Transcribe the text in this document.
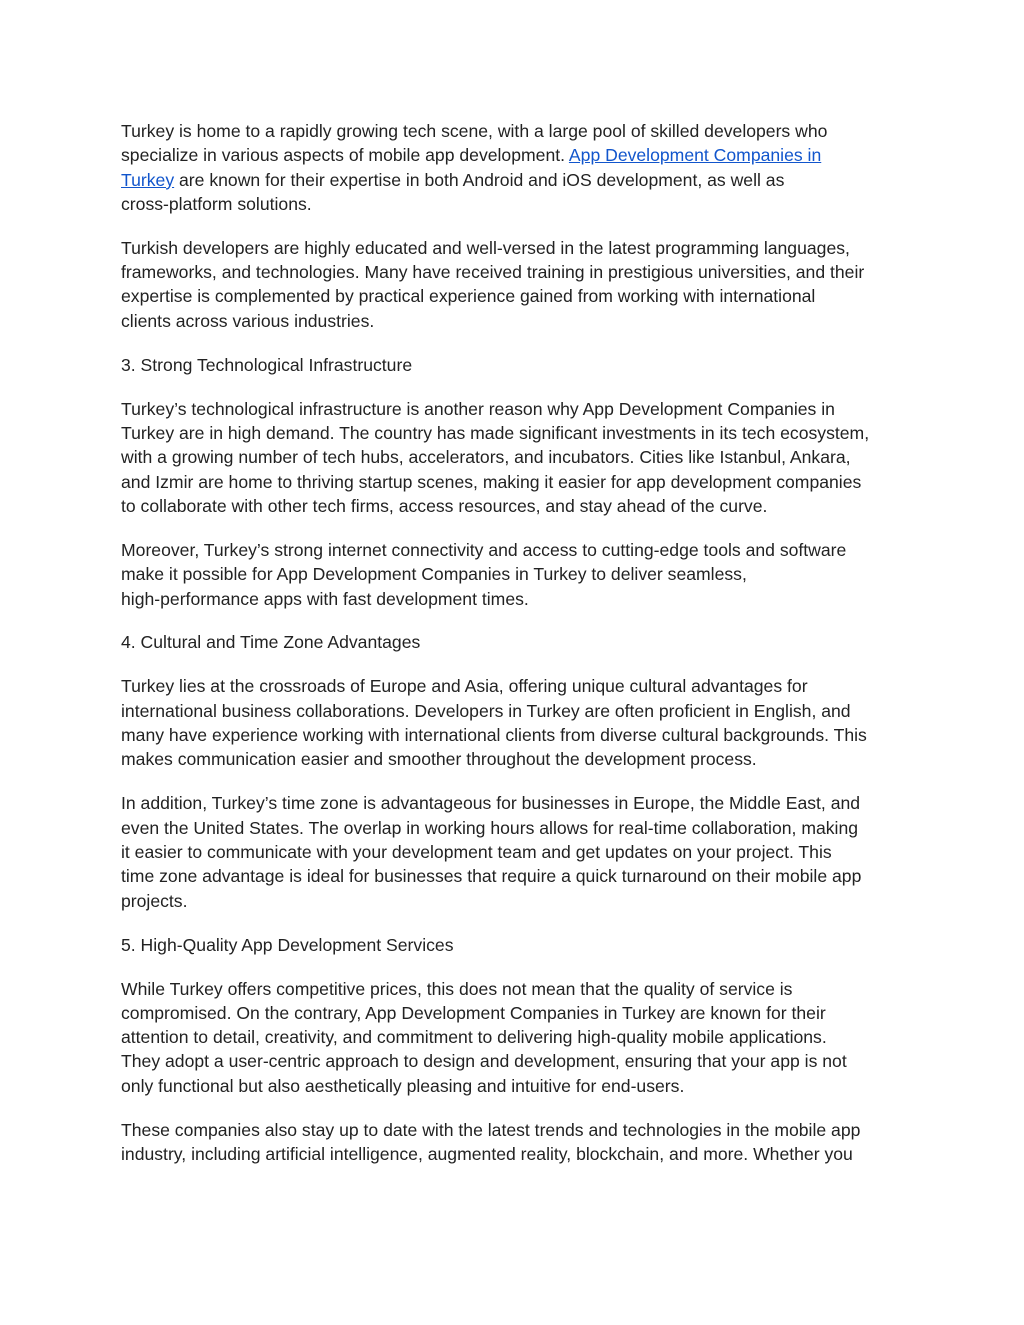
Turkey is home to a rapidly growing tech scene, with a large pool of skilled developers who
specialize in various aspects of mobile app development. App Development Companies in
Turkey are known for their expertise in both Android and iOS development, as well as
cross-platform solutions.

Turkish developers are highly educated and well-versed in the latest programming languages,
frameworks, and technologies. Many have received training in prestigious universities, and their
expertise is complemented by practical experience gained from working with international
clients across various industries.

3. Strong Technological Infrastructure

Turkey’s technological infrastructure is another reason why App Development Companies in
Turkey are in high demand. The country has made significant investments in its tech ecosystem,
with a growing number of tech hubs, accelerators, and incubators. Cities like Istanbul, Ankara,
and Izmir are home to thriving startup scenes, making it easier for app development companies
to collaborate with other tech firms, access resources, and stay ahead of the curve.

Moreover, Turkey’s strong internet connectivity and access to cutting-edge tools and software
make it possible for App Development Companies in Turkey to deliver seamless,
high-performance apps with fast development times.

4. Cultural and Time Zone Advantages

Turkey lies at the crossroads of Europe and Asia, offering unique cultural advantages for
international business collaborations. Developers in Turkey are often proficient in English, and
many have experience working with international clients from diverse cultural backgrounds. This
makes communication easier and smoother throughout the development process.

In addition, Turkey’s time zone is advantageous for businesses in Europe, the Middle East, and
even the United States. The overlap in working hours allows for real-time collaboration, making
it easier to communicate with your development team and get updates on your project. This
time zone advantage is ideal for businesses that require a quick turnaround on their mobile app
projects.

5. High-Quality App Development Services

While Turkey offers competitive prices, this does not mean that the quality of service is
compromised. On the contrary, App Development Companies in Turkey are known for their
attention to detail, creativity, and commitment to delivering high-quality mobile applications.
They adopt a user-centric approach to design and development, ensuring that your app is not
only functional but also aesthetically pleasing and intuitive for end-users.

These companies also stay up to date with the latest trends and technologies in the mobile app
industry, including artificial intelligence, augmented reality, blockchain, and more. Whether you
